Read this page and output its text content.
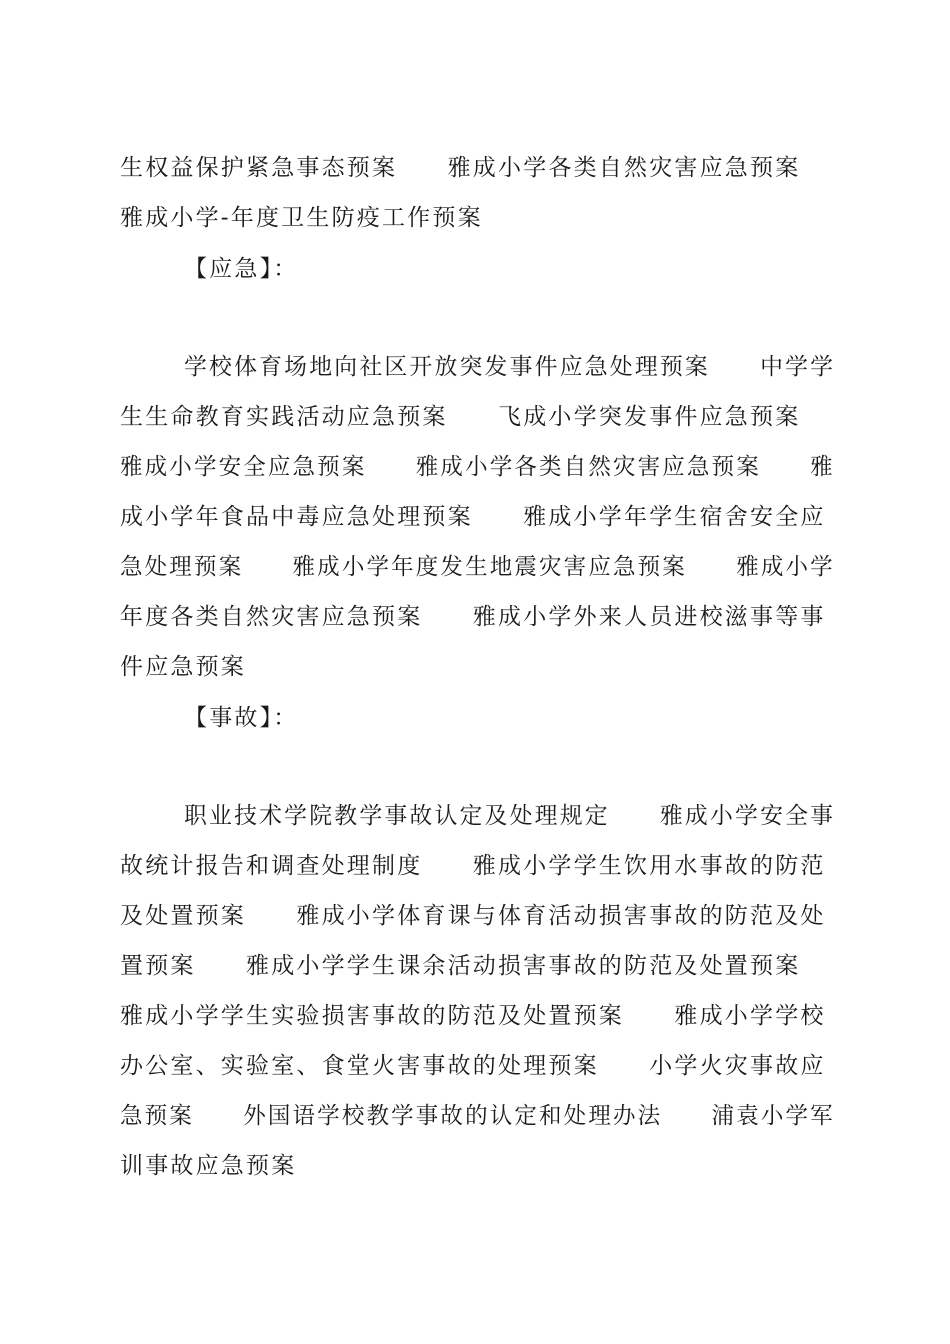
生权益保护紧急事态预案　　雅成小学各类自然灾害应急预案
雅成小学-年度卫生防疫工作预案
【应急】：
学校体育场地向社区开放突发事件应急处理预案　　中学学
生生命教育实践活动应急预案　　飞成小学突发事件应急预案
雅成小学安全应急预案　　雅成小学各类自然灾害应急预案　　雅
成小学年食品中毒应急处理预案　　雅成小学年学生宿舍安全应
急处理预案　　雅成小学年度发生地震灾害应急预案　　雅成小学
年度各类自然灾害应急预案　　雅成小学外来人员进校滋事等事
件应急预案
【事故】：
职业技术学院教学事故认定及处理规定　　雅成小学安全事
故统计报告和调查处理制度　　雅成小学学生饮用水事故的防范
及处置预案　　雅成小学体育课与体育活动损害事故的防范及处
置预案　　雅成小学学生课余活动损害事故的防范及处置预案
雅成小学学生实验损害事故的防范及处置预案　　雅成小学学校
办公室、实验室、食堂火害事故的处理预案　　小学火灾事故应
急预案　　外国语学校教学事故的认定和处理办法　　浦袁小学军
训事故应急预案
